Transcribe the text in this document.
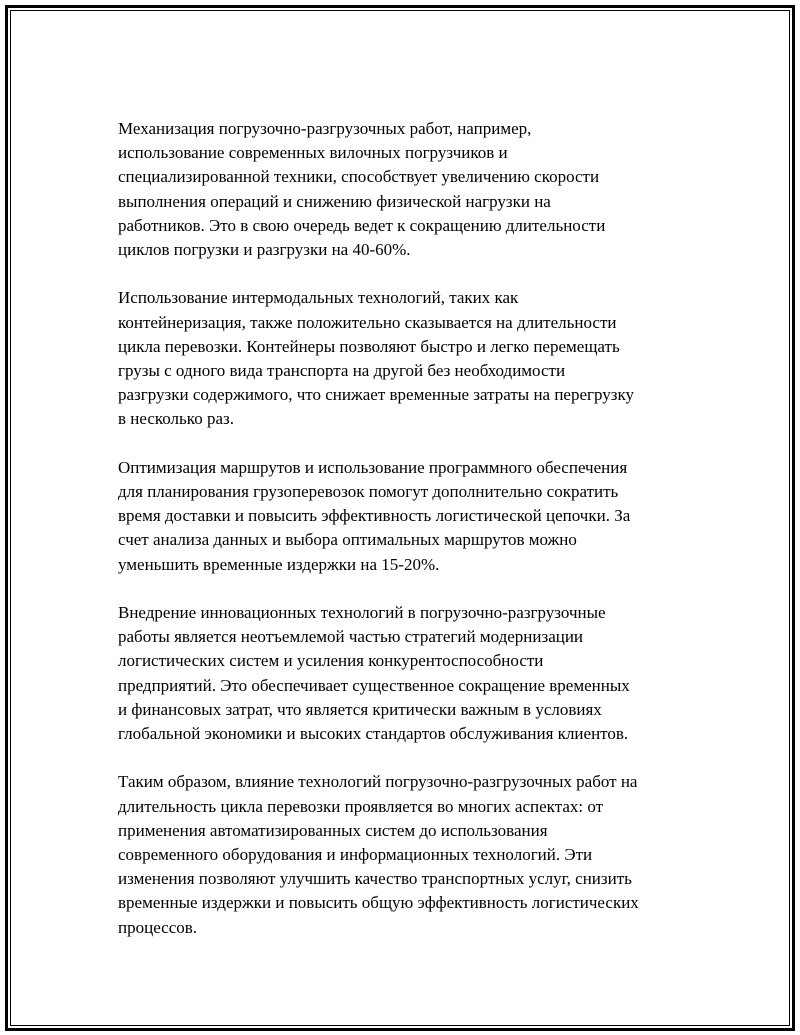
Механизация погрузочно-разгрузочных работ, например,
использование современных вилочных погрузчиков и
специализированной техники, способствует увеличению скорости
выполнения операций и снижению физической нагрузки на
работников. Это в свою очередь ведет к сокращению длительности
циклов погрузки и разгрузки на 40-60%.

Использование интермодальных технологий, таких как
контейнеризация, также положительно сказывается на длительности
цикла перевозки. Контейнеры позволяют быстро и легко перемещать
грузы с одного вида транспорта на другой без необходимости
разгрузки содержимого, что снижает временные затраты на перегрузку
в несколько раз.

Оптимизация маршрутов и использование программного обеспечения
для планирования грузоперевозок помогут дополнительно сократить
время доставки и повысить эффективность логистической цепочки. За
счет анализа данных и выбора оптимальных маршрутов можно
уменьшить временные издержки на 15-20%.

Внедрение инновационных технологий в погрузочно-разгрузочные
работы является неотъемлемой частью стратегий модернизации
логистических систем и усиления конкурентоспособности
предприятий. Это обеспечивает существенное сокращение временных
и финансовых затрат, что является критически важным в условиях
глобальной экономики и высоких стандартов обслуживания клиентов.

Таким образом, влияние технологий погрузочно-разгрузочных работ на
длительность цикла перевозки проявляется во многих аспектах: от
применения автоматизированных систем до использования
современного оборудования и информационных технологий. Эти
изменения позволяют улучшить качество транспортных услуг, снизить
временные издержки и повысить общую эффективность логистических
процессов.
